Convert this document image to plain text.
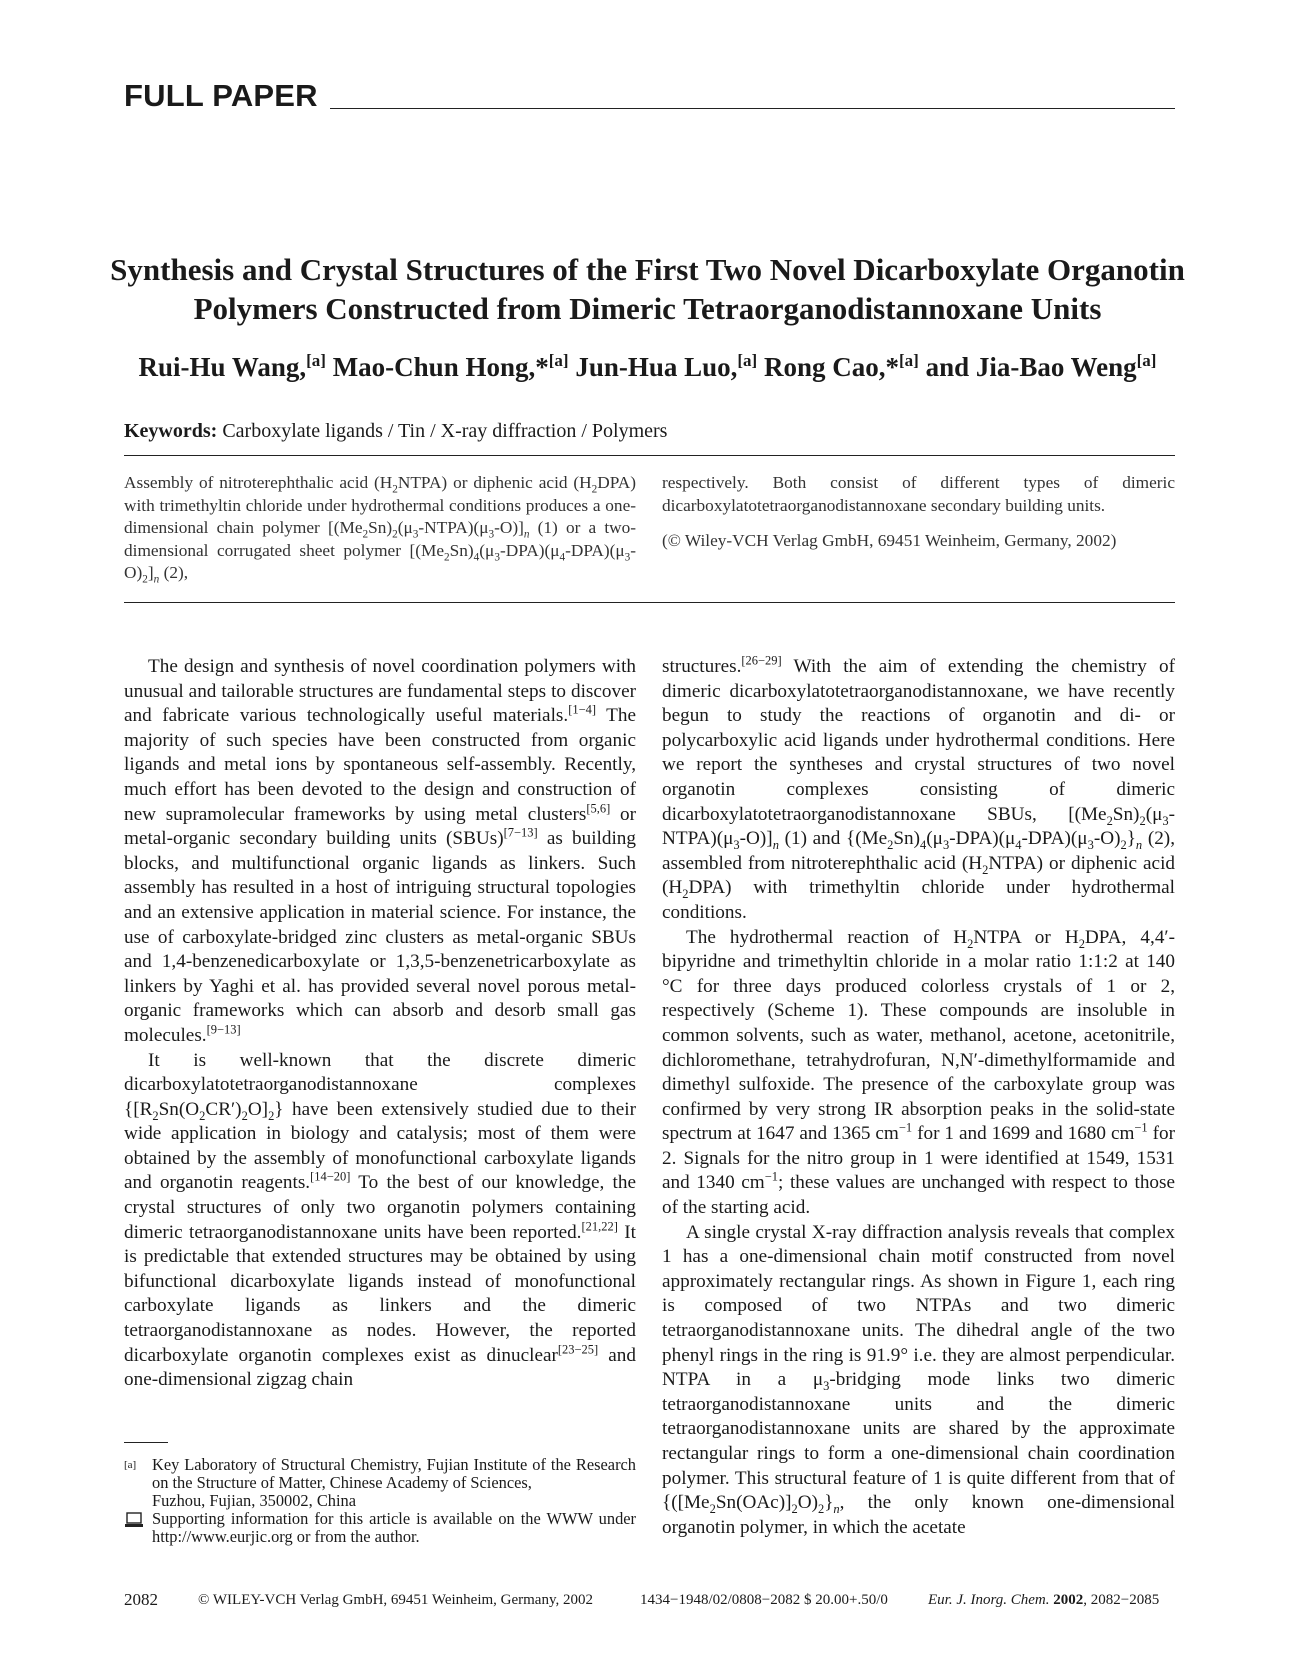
FULL PAPER
Synthesis and Crystal Structures of the First Two Novel Dicarboxylate Organotin Polymers Constructed from Dimeric Tetraorganodistannoxane Units
Rui-Hu Wang,[a] Mao-Chun Hong,*[a] Jun-Hua Luo,[a] Rong Cao,*[a] and Jia-Bao Weng[a]
Keywords: Carboxylate ligands / Tin / X-ray diffraction / Polymers
Assembly of nitroterephthalic acid $(H_2NTPA)$ or diphenic acid $(H_2DPA)$ with trimethyltin chloride under hydrothermal conditions produces a one-dimensional chain polymer $[(Me_2Sn)_2(\mu_3-NTPA)(\mu_3-O)]_n$ (1) or a two-dimensional corrugated sheet polymer $[(Me_2Sn)_4(\mu_3-DPA)(\mu_4-DPA)(\mu_3-O)_2]_n$ (2),

respectively. Both consist of different types of dimeric dicarboxylatotetraorganodistannoxane secondary building units.

(© Wiley-VCH Verlag GmbH, 69451 Weinheim, Germany, 2002)

The design and synthesis of novel coordination polymers with unusual and tailorable structures are fundamental steps to discover and fabricate various technologically useful materials.[1−4] The majority of such species have been constructed from organic ligands and metal ions by spontaneous self-assembly. Recently, much effort has been devoted to the design and construction of new supramolecular frameworks by using metal clusters[5,6] or metal-organic secondary building units (SBUs)[7−13] as building blocks, and multifunctional organic ligands as linkers. Such assembly has resulted in a host of intriguing structural topologies and an extensive application in material science. For instance, the use of carboxylate-bridged zinc clusters as metal-organic SBUs and 1,4-benzenedicarboxylate or 1,3,5-benzenetricarboxylate as linkers by Yaghi et al. has provided several novel porous metal-organic frameworks which can absorb and desorb small gas molecules.[9−13]

It is well-known that the discrete dimeric dicarboxylatotetraorganodistannoxane complexes $\{[R_2Sn(O_2CR')_2O]_2\}$ have been extensively studied due to their wide application in biology and catalysis; most of them were obtained by the assembly of monofunctional carboxylate ligands and organotin reagents.[14−20] To the best of our knowledge, the crystal structures of only two organotin polymers containing dimeric tetraorganodistannoxane units have been reported.[21,22] It is predictable that extended structures may be obtained by using bifunctional dicarboxylate ligands instead of monofunctional carboxylate ligands as linkers and the dimeric tetraorganodistannoxane as nodes. However, the reported dicarboxylate organotin complexes exist as dinuclear[23−25] and one-dimensional zigzag chain

[a] Key Laboratory of Structural Chemistry, Fujian Institute of the Research on the Structure of Matter, Chinese Academy of Sciences,
Fuzhou, Fujian, 350002, China
Supporting information for this article is available on the WWW under http://www.eurjic.org or from the author.

structures.[26−29] With the aim of extending the chemistry of dimeric dicarboxylatotetraorganodistannoxane, we have recently begun to study the reactions of organotin and di- or polycarboxylic acid ligands under hydrothermal conditions. Here we report the syntheses and crystal structures of two novel organotin complexes consisting of dimeric dicarboxylatotetraorganodistannoxane SBUs, $[(Me_2Sn)_2(\mu_3-NTPA)(\mu_3-O)]_n$ (1) and $\{(Me_2Sn)_4(\mu_3-DPA)(\mu_4-DPA)(\mu_3-O)_2\}_n$ (2), assembled from nitroterephthalic acid $(H_2NTPA)$ or diphenic acid $(H_2DPA)$ with trimethyltin chloride under hydrothermal conditions.

The hydrothermal reaction of $H_2NTPA$ or $H_2DPA$, 4,4′-bipyridne and trimethyltin chloride in a molar ratio 1:1:2 at 140 °C for three days produced colorless crystals of 1 or 2, respectively (Scheme 1). These compounds are insoluble in common solvents, such as water, methanol, acetone, acetonitrile, dichloromethane, tetrahydrofuran, N,N′-dimethylformamide and dimethyl sulfoxide. The presence of the carboxylate group was confirmed by very strong IR absorption peaks in the solid-state spectrum at 1647 and 1365 $cm^{-1}$ for 1 and 1699 and 1680 $cm^{-1}$ for 2. Signals for the nitro group in 1 were identified at 1549, 1531 and 1340 $cm^{-1}$; these values are unchanged with respect to those of the starting acid.

A single crystal X-ray diffraction analysis reveals that complex 1 has a one-dimensional chain motif constructed from novel approximately rectangular rings. As shown in Figure 1, each ring is composed of two NTPAs and two dimeric tetraorganodistannoxane units. The dihedral angle of the two phenyl rings in the ring is 91.9° i.e. they are almost perpendicular. NTPA in a $\mu_3$-bridging mode links two dimeric tetraorganodistannoxane units and the dimeric tetraorganodistannoxane units are shared by the approximate rectangular rings to form a one-dimensional chain coordination polymer. This structural feature of 1 is quite different from that of $\{([Me_2Sn(OAc)]_2O)_2\}_n$, the only known one-dimensional organotin polymer, in which the acetate

2082	© WILEY-VCH Verlag GmbH, 69451 Weinheim, Germany, 2002	1434−1948/02/0808−2082 $ 20.00+.50/0	Eur. J. Inorg. Chem. 2002, 2082−2085
